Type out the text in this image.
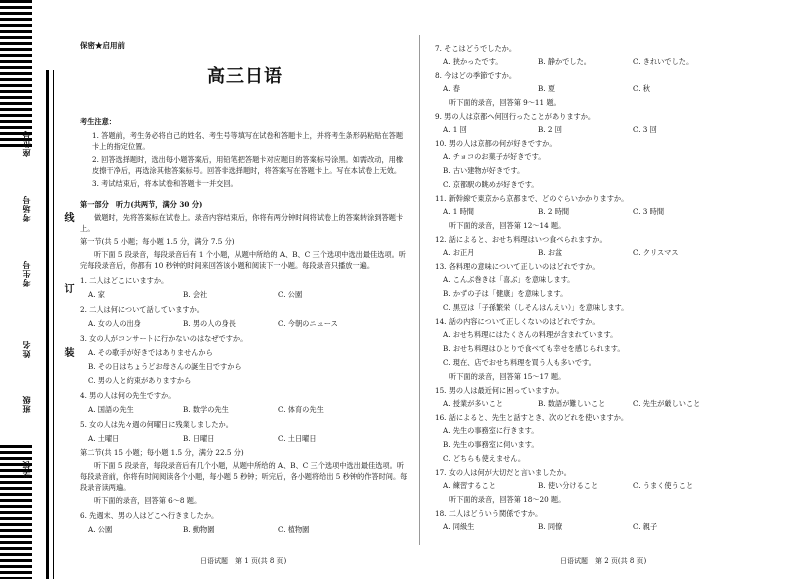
座位号
考场号
考生号
姓名
班级
学校
线
订
装
保密★启用前
高三日语
考生注意：
1. 答题前，考生务必将自己的姓名、考生号等填写在试卷和答题卡上，并将考生条形码粘贴在答题卡上的指定位置。
2. 回答选择题时，选出每小题答案后，用铅笔把答题卡对应题目的答案标号涂黑。如需改动，用橡皮擦干净后，再选涂其他答案标号。回答非选择题时，将答案写在答题卡上。写在本试卷上无效。
3. 考试结束后，将本试卷和答题卡一并交回。
第一部分　听力(共两节，满分 30 分)
做题时，先将答案标在试卷上。录音内容结束后，你将有两分钟时间将试卷上的答案转涂到答题卡上。
第一节(共 5 小题；每小题 1.5 分，满分 7.5 分)
听下面 5 段录音，每段录音后有 1 个小题，从题中所给的 A、B、C 三个选项中选出最佳选项。听完每段录音后，你都有 10 秒钟的时间来回答该小题和阅读下一小题。每段录音只播放一遍。
1. 二人はどこにいますか。
A. 家	B. 会社	C. 公園
2. 二人は何について話していますか。
A. 女の人の出身	B. 男の人の身長	C. 今朝のニュース
3. 女の人がコンサートに行かないのはなぜですか。
A. その歌手が好きではありませんから
B. その日はちょうどお母さんの誕生日ですから
C. 男の人と約束がありますから
4. 男の人は何の先生ですか。
A. 国語の先生	B. 数学の先生	C. 体育の先生
5. 女の人は先々週の何曜日に残業しましたか。
A. 土曜日	B. 日曜日	C. 土日曜日
第二节(共 15 小题；每小题 1.5 分，满分 22.5 分)
听下面 5 段录音，每段录音后有几个小题，从题中所给的 A、B、C 三个选项中选出最佳选项。听每段录音前，你将有时间阅读各个小题，每小题 5 秒钟；听完后，各小题将给出 5 秒钟的作答时间。每段录音读两遍。
听下面的录音，回答第 6～8 题。
6. 先週末、男の人はどこへ行きましたか。
A. 公園	B. 動物園	C. 植物園
7. そこはどうでしたか。
A. 狭かったです。	B. 静かでした。	C. きれいでした。
8. 今はどの季節ですか。
A. 春	B. 夏	C. 秋
听下面的录音，回答第 9～11 题。
9. 男の人は京都へ何回行ったことがありますか。
A. 1 回	B. 2 回	C. 3 回
10. 男の人は京都の何が好きですか。
A. チョコのお菓子が好きです。
B. 古い建物が好きです。
C. 京都駅の眺めが好きです。
11. 新幹線で東京から京都まで、どのぐらいかかりますか。
A. 1 時間	B. 2 時間	C. 3 時間
听下面的录音，回答第 12～14 题。
12. 話によると、おせち料理はいつ食べられますか。
A. お正月	B. お盆	C. クリスマス
13. 各料理の意味について正しいのはどれですか。
A. こんぶ巻きは「喜ぶ」を意味します。
B. かずの子は「健康」を意味します。
C. 黒豆は「子孫繁栄（しそんはんえい）」を意味します。
14. 話の内容について正しくないのはどれですか。
A. おせち料理にはたくさんの料理が含まれています。
B. おせち料理はひとりで食べても幸せを感じられます。
C. 現在、店でおせち料理を買う人も多いです。
听下面的录音，回答第 15～17 题。
15. 男の人は最近何に困っていますか。
A. 授業が多いこと	B. 数語が難しいこと	C. 先生が厳しいこと
16. 話によると、先生と話すとき、次のどれを使いますか。
A. 先生の事務室に行きます。
B. 先生の事務室に伺います。
C. どちらも使えません。
17. 女の人は何が大切だと言いましたか。
A. 練習すること	B. 使い分けること	C. うまく使うこと
听下面的录音，回答第 18～20 题。
18. 二人はどういう関係ですか。
A. 同級生	B. 同僚	C. 親子
日语试题　第 1 页(共 8 页)	日语试题　第 2 页(共 8 页)
